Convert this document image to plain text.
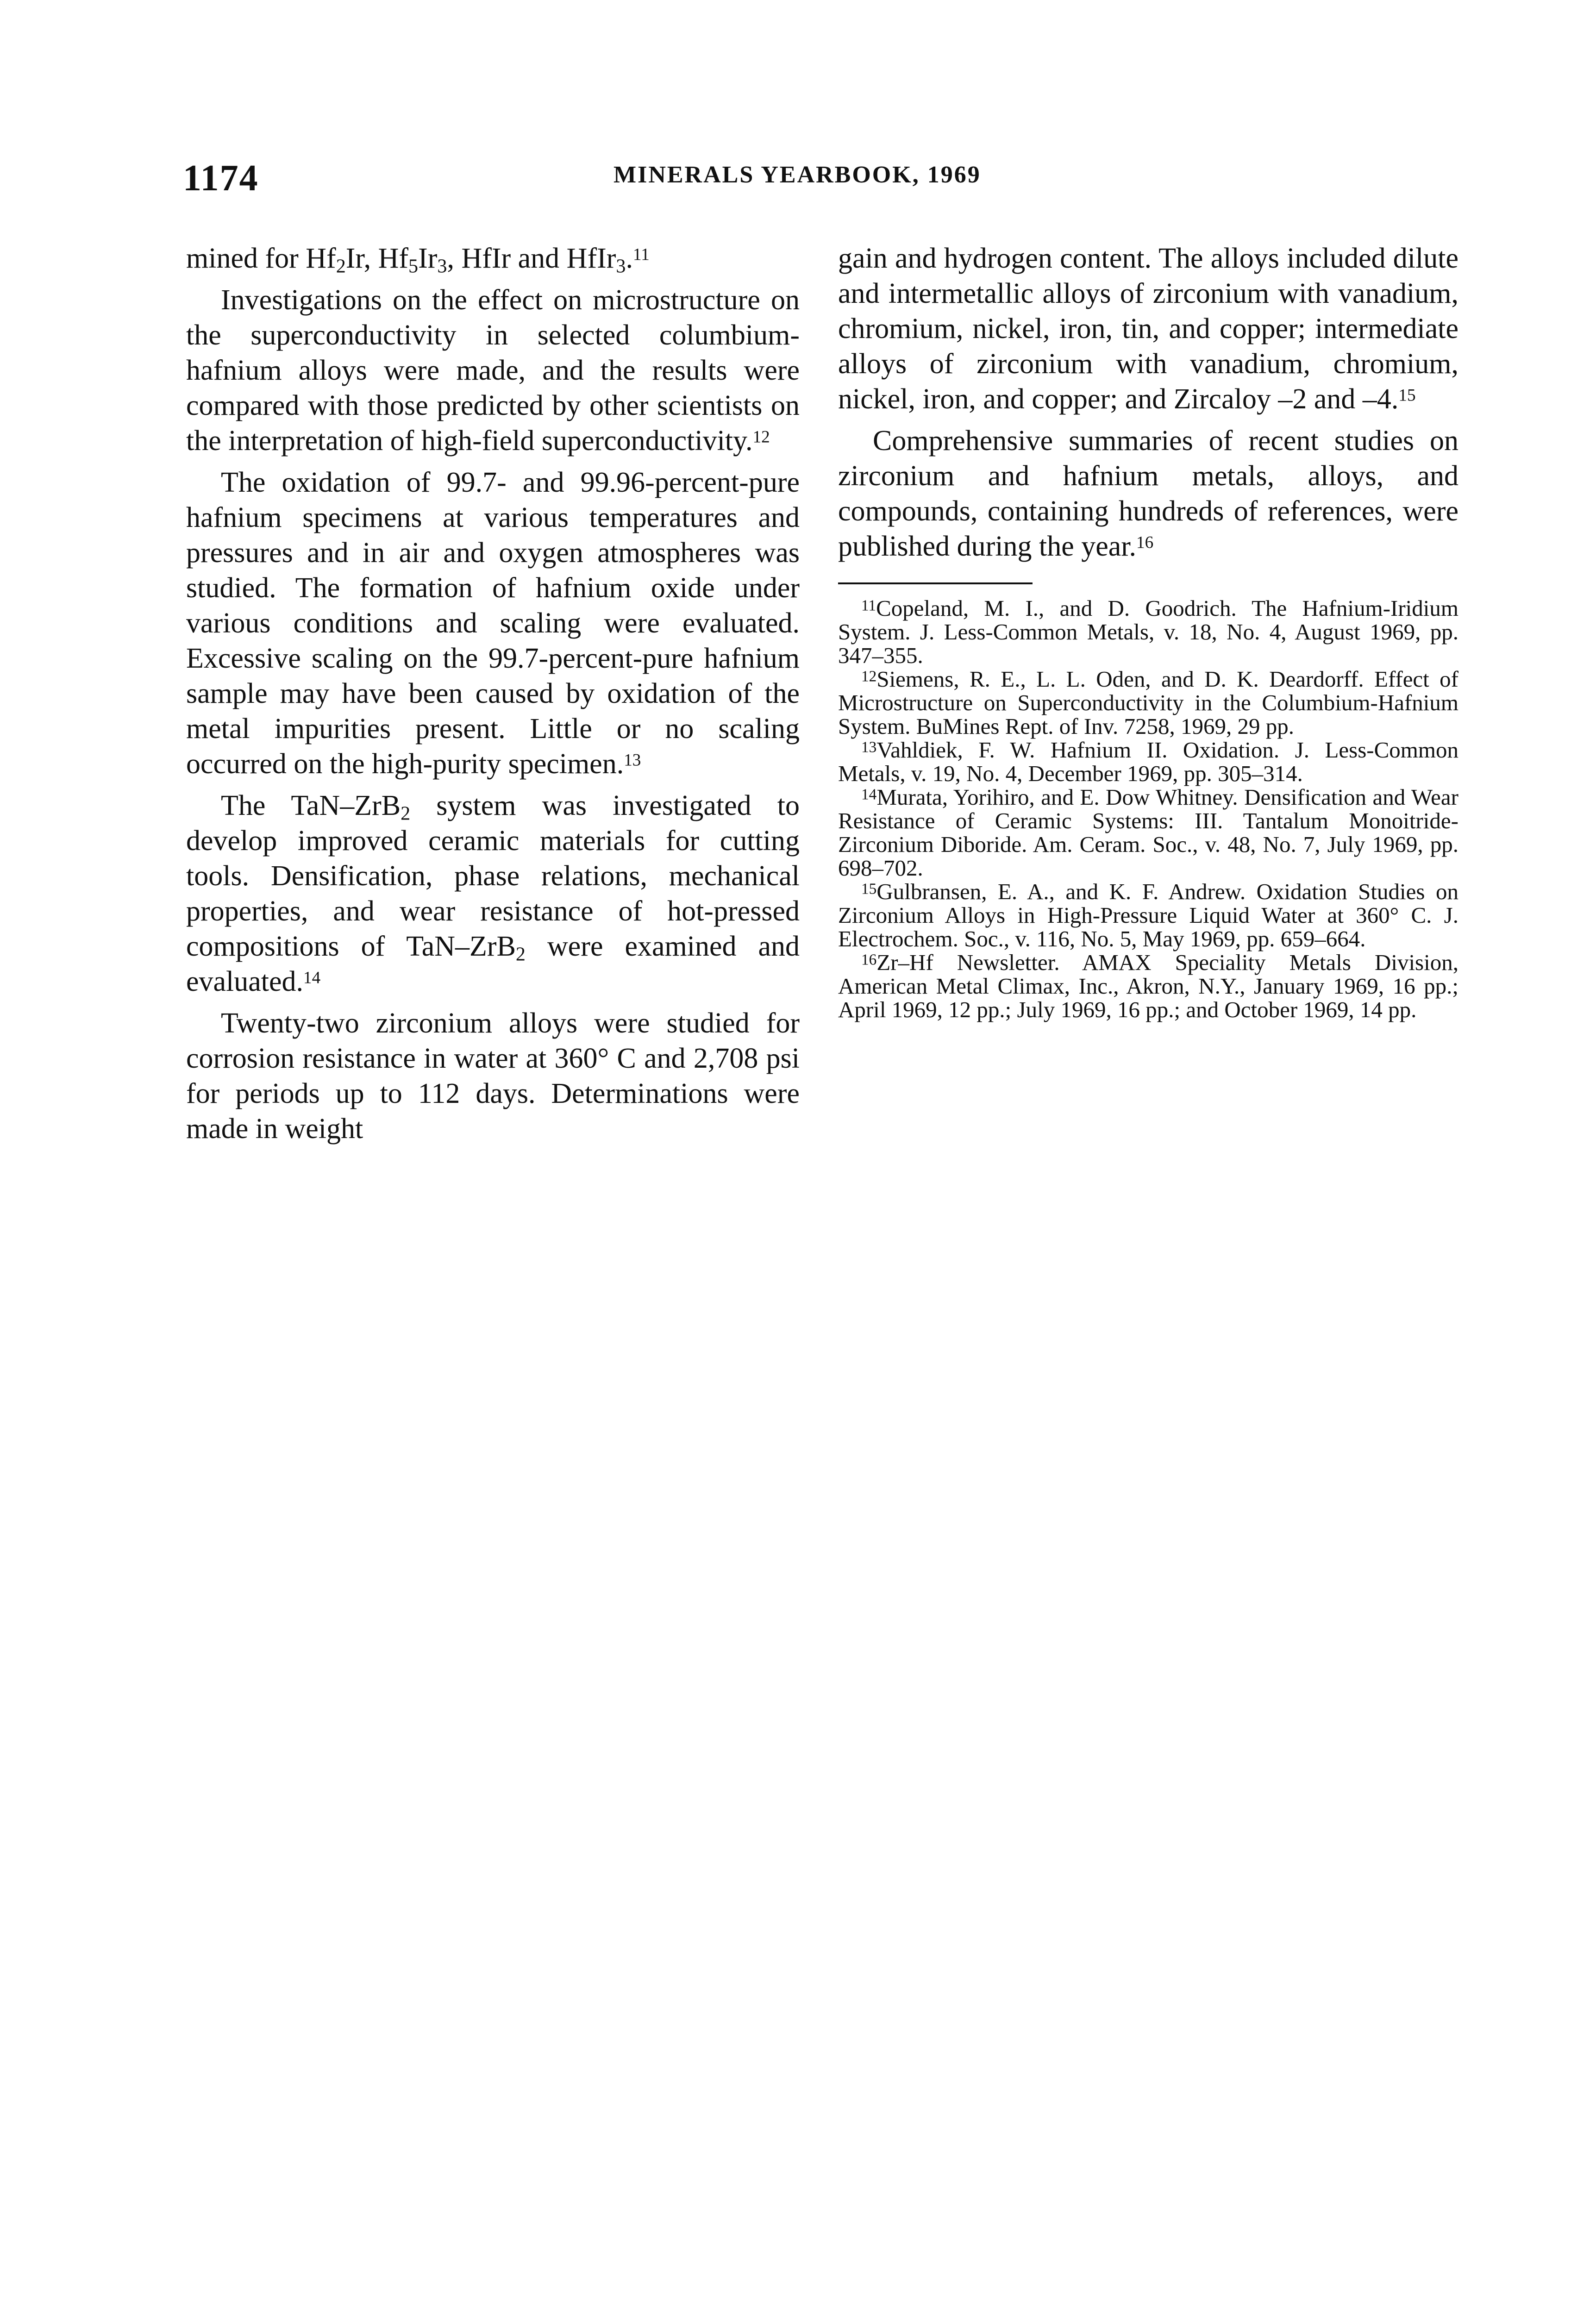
1174	MINERALS YEARBOOK, 1969

mined for $Hf_2Ir$, $Hf_5Ir_3$, HfIr and HfIr$_3$.$^{11}$

Investigations on the effect on microstructure on the superconductivity in selected columbium-hafnium alloys were made, and the results were compared with those predicted by other scientists on the interpretation of high-field superconductivity.$^{12}$

The oxidation of 99.7- and 99.96-percent-pure hafnium specimens at various temperatures and pressures and in air and oxygen atmospheres was studied. The formation of hafnium oxide under various conditions and scaling were evaluated. Excessive scaling on the 99.7-percent-pure hafnium sample may have been caused by oxidation of the metal impurities present. Little or no scaling occurred on the high-purity specimen.$^{13}$

The TaN–ZrB$_2$ system was investigated to develop improved ceramic materials for cutting tools. Densification, phase relations, mechanical properties, and wear resistance of hot-pressed compositions of TaN–ZrB$_2$ were examined and evaluated.$^{14}$

Twenty-two zirconium alloys were studied for corrosion resistance in water at 360° C and 2,708 psi for periods up to 112 days. Determinations were made in weight

gain and hydrogen content. The alloys included dilute and intermetallic alloys of zirconium with vanadium, chromium, nickel, iron, tin, and copper; intermediate alloys of zirconium with vanadium, chromium, nickel, iron, and copper; and Zircaloy –2 and –4.15

Comprehensive summaries of recent studies on zirconium and hafnium metals, alloys, and compounds, containing hundreds of references, were published during the year.$^{16}$

$^{11}$Copeland, M. I., and D. Goodrich. The Hafnium-Iridium System. J. Less-Common Metals, v. 18, No. 4, August 1969, pp. 347–355.

$^{12}$Siemens, R. E., L. L. Oden, and D. K. Deardorff. Effect of Microstructure on Superconductivity in the Columbium-Hafnium System. BuMines Rept. of Inv. 7258, 1969, 29 pp.

$^{13}$Vahldiek, F. W. Hafnium II. Oxidation. J. Less-Common Metals, v. 19, No. 4, December 1969, pp. 305–314.

$^{14}$Murata, Yorihiro, and E. Dow Whitney. Densification and Wear Resistance of Ceramic Systems: III. Tantalum Monoitride-Zirconium Diboride. Am. Ceram. Soc., v. 48, No. 7, July 1969, pp. 698–702.

$^{15}$Gulbransen, E. A., and K. F. Andrew. Oxidation Studies on Zirconium Alloys in High-Pressure Liquid Water at 360° C. J. Electrochem. Soc., v. 116, No. 5, May 1969, pp. 659–664.

$^{16}$Zr–Hf Newsletter. AMAX Speciality Metals Division, American Metal Climax, Inc., Akron, N.Y., January 1969, 16 pp.; April 1969, 12 pp.; July 1969, 16 pp.; and October 1969, 14 pp.
